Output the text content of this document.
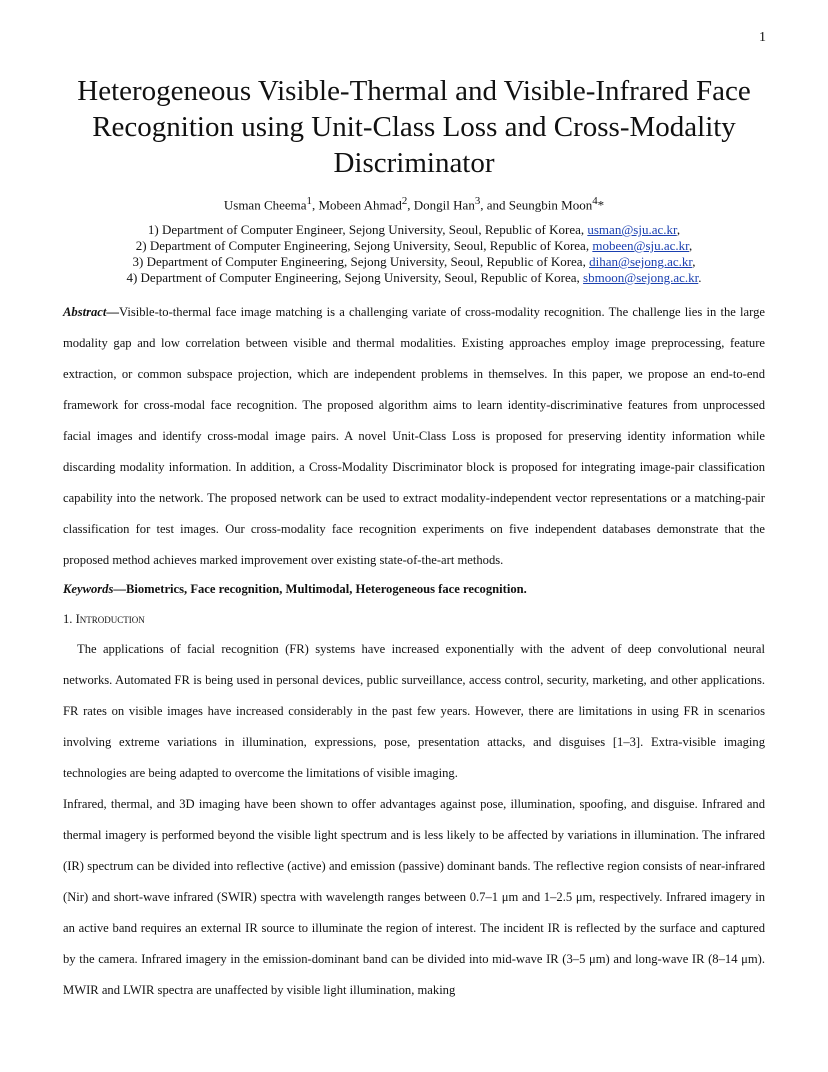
1
Heterogeneous Visible-Thermal and Visible-Infrared Face Recognition using Unit-Class Loss and Cross-Modality Discriminator
Usman Cheema$^1$, Mobeen Ahmad$^2$, Dongil Han$^3$, and Seungbin Moon$^4$*
1) Department of Computer Engineer, Sejong University, Seoul, Republic of Korea, usman@sju.ac.kr,
2) Department of Computer Engineering, Sejong University, Seoul, Republic of Korea, mobeen@sju.ac.kr,
3) Department of Computer Engineering, Sejong University, Seoul, Republic of Korea, dihan@sejong.ac.kr,
4) Department of Computer Engineering, Sejong University, Seoul, Republic of Korea, sbmoon@sejong.ac.kr.
Abstract—Visible-to-thermal face image matching is a challenging variate of cross-modality recognition. The challenge lies in the large modality gap and low correlation between visible and thermal modalities. Existing approaches employ image preprocessing, feature extraction, or common subspace projection, which are independent problems in themselves. In this paper, we propose an end-to-end framework for cross-modal face recognition. The proposed algorithm aims to learn identity-discriminative features from unprocessed facial images and identify cross-modal image pairs. A novel Unit-Class Loss is proposed for preserving identity information while discarding modality information. In addition, a Cross-Modality Discriminator block is proposed for integrating image-pair classification capability into the network. The proposed network can be used to extract modality-independent vector representations or a matching-pair classification for test images. Our cross-modality face recognition experiments on five independent databases demonstrate that the proposed method achieves marked improvement over existing state-of-the-art methods.
Keywords—Biometrics, Face recognition, Multimodal, Heterogeneous face recognition.
1. Introduction

The applications of facial recognition (FR) systems have increased exponentially with the advent of deep convolutional neural networks. Automated FR is being used in personal devices, public surveillance, access control, security, marketing, and other applications. FR rates on visible images have increased considerably in the past few years. However, there are limitations in using FR in scenarios involving extreme variations in illumination, expressions, pose, presentation attacks, and disguises [1–3]. Extra-visible imaging technologies are being adapted to overcome the limitations of visible imaging.

Infrared, thermal, and 3D imaging have been shown to offer advantages against pose, illumination, spoofing, and disguise. Infrared and thermal imagery is performed beyond the visible light spectrum and is less likely to be affected by variations in illumination. The infrared (IR) spectrum can be divided into reflective (active) and emission (passive) dominant bands. The reflective region consists of near-infrared (Nir) and short-wave infrared (SWIR) spectra with wavelength ranges between 0.7–1 μm and 1–2.5 μm, respectively. Infrared imagery in an active band requires an external IR source to illuminate the region of interest. The incident IR is reflected by the surface and captured by the camera. Infrared imagery in the emission-dominant band can be divided into mid-wave IR (3–5 μm) and long-wave IR (8–14 μm). MWIR and LWIR spectra are unaffected by visible light illumination, making
